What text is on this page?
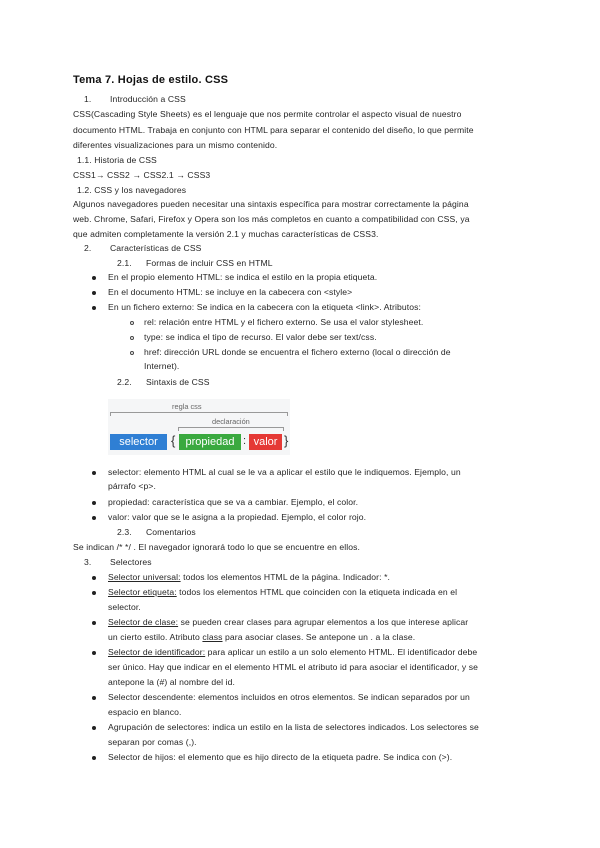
Tema 7. Hojas de estilo. CSS
1. Introducción a CSS
CSS(Cascading Style Sheets) es el lenguaje que nos permite controlar el aspecto visual de nuestro
documento HTML. Trabaja en conjunto con HTML para separar el contenido del diseño, lo que permite
diferentes visualizaciones para un mismo contenido.
1.1. Historia de CSS
CSS1→ CSS2 → CSS2.1 → CSS3
1.2. CSS y los navegadores
Algunos navegadores pueden necesitar una sintaxis específica para mostrar correctamente la página
web. Chrome, Safari, Firefox y Opera son los más completos en cuanto a compatibilidad con CSS, ya
que admiten completamente la versión 2.1 y muchas características de CSS3.
2. Características de CSS
2.1. Formas de incluir CSS en HTML
En el propio elemento HTML: se indica el estilo en la propia etiqueta.
En el documento HTML: se incluye en la cabecera con <style>
En un fichero externo: Se indica en la cabecera con la etiqueta <link>. Atributos:
rel: relación entre HTML y el fichero externo. Se usa el valor stylesheet.
type: se indica el tipo de recurso. El valor debe ser text/css.
href: dirección URL donde se encuentra el fichero externo (local o dirección de
Internet).
2.2. Sintaxis de CSS
regla css
declaración
selector	{ propiedad : valor }
selector: elemento HTML al cual se le va a aplicar el estilo que le indiquemos. Ejemplo, un
párrafo <p>.
propiedad: característica que se va a cambiar. Ejemplo, el color.
valor: valor que se le asigna a la propiedad. Ejemplo, el color rojo.
2.3. Comentarios
Se indican /* */ . El navegador ignorará todo lo que se encuentre en ellos.
3. Selectores
Selector universal: todos los elementos HTML de la página. Indicador: *.
Selector etiqueta: todos los elementos HTML que coinciden con la etiqueta indicada en el
selector.
Selector de clase: se pueden crear clases para agrupar elementos a los que interese aplicar
un cierto estilo. Atributo class para asociar clases. Se antepone un . a la clase.
Selector de identificador: para aplicar un estilo a un solo elemento HTML. El identificador debe
ser único. Hay que indicar en el elemento HTML el atributo id para asociar el identificador, y se
antepone la (#) al nombre del id.
Selector descendente: elementos incluidos en otros elementos. Se indican separados por un
espacio en blanco.
Agrupación de selectores: indica un estilo en la lista de selectores indicados. Los selectores se
separan por comas (,).
Selector de hijos: el elemento que es hijo directo de la etiqueta padre. Se indica con (>).
